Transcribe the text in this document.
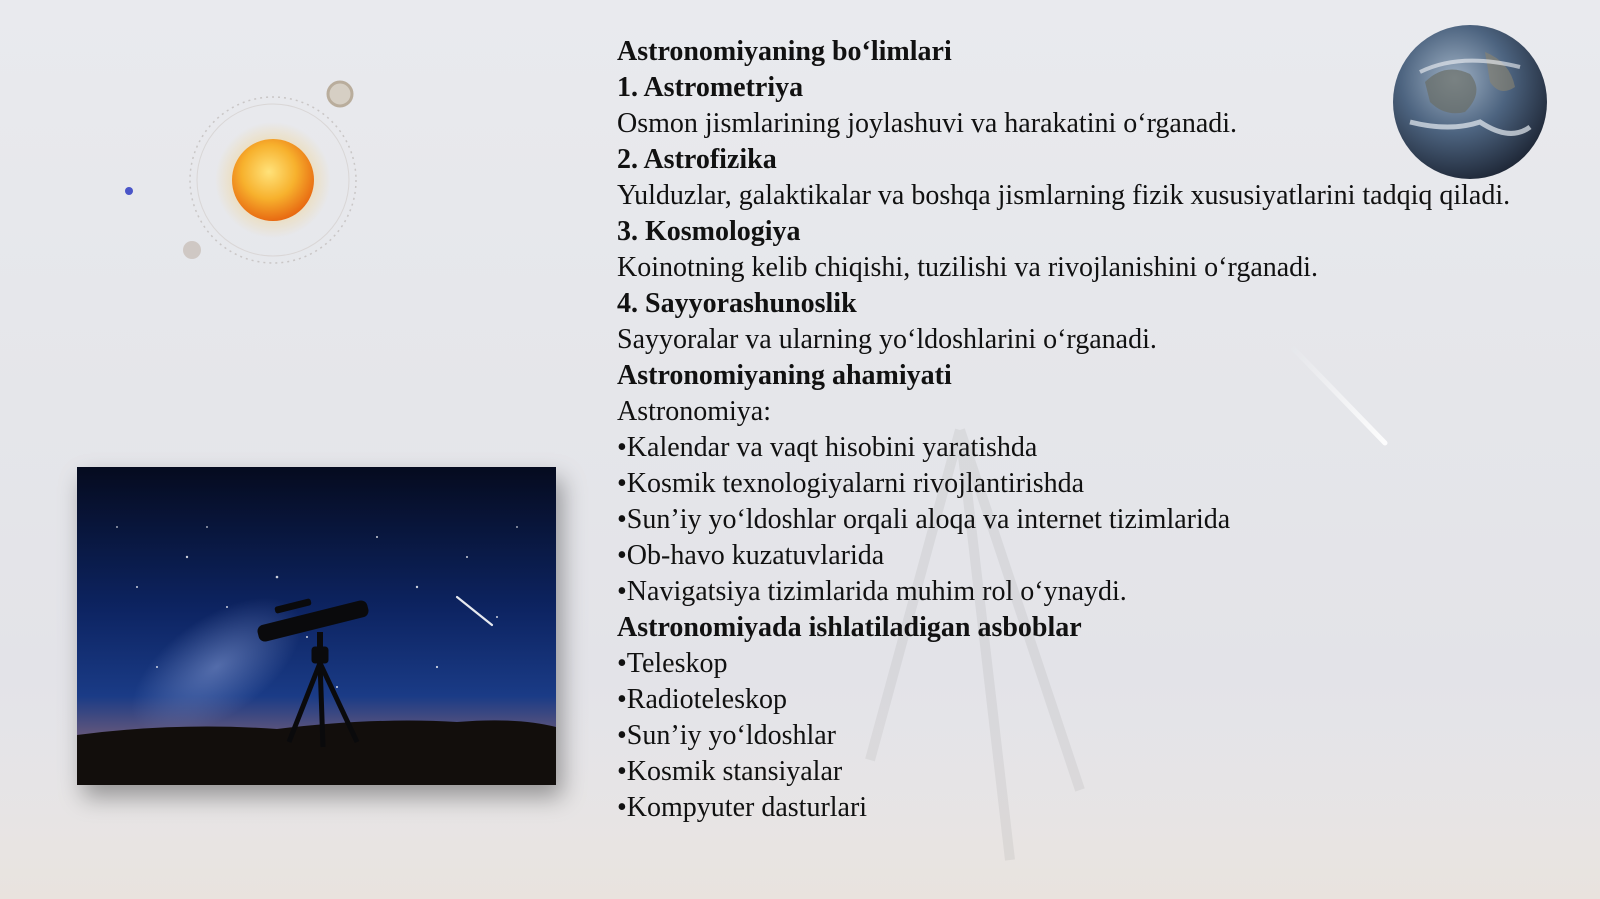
Astronomiyaning bo‘limlari

1. Astrometriya

Osmon jismlarining joylashuvi va harakatini o‘rganadi.

2. Astrofizika

Yulduzlar, galaktikalar va boshqa jismlarning fizik xususiyatlarini tadqiq qiladi.

3. Kosmologiya

Koinotning kelib chiqishi, tuzilishi va rivojlanishini o‘rganadi.

4. Sayyorashunoslik

Sayyoralar va ularning yo‘ldoshlarini o‘rganadi.

Astronomiyaning ahamiyati

Astronomiya:

•Kalendar va vaqt hisobini yaratishda

•Kosmik texnologiyalarni rivojlantirishda

•Sun’iy yo‘ldoshlar orqali aloqa va internet tizimlarida

•Ob-havo kuzatuvlarida

•Navigatsiya tizimlarida muhim rol o‘ynaydi.

Astronomiyada ishlatiladigan asboblar

•Teleskop

•Radioteleskop

•Sun’iy yo‘ldoshlar

•Kosmik stansiyalar

•Kompyuter dasturlari
